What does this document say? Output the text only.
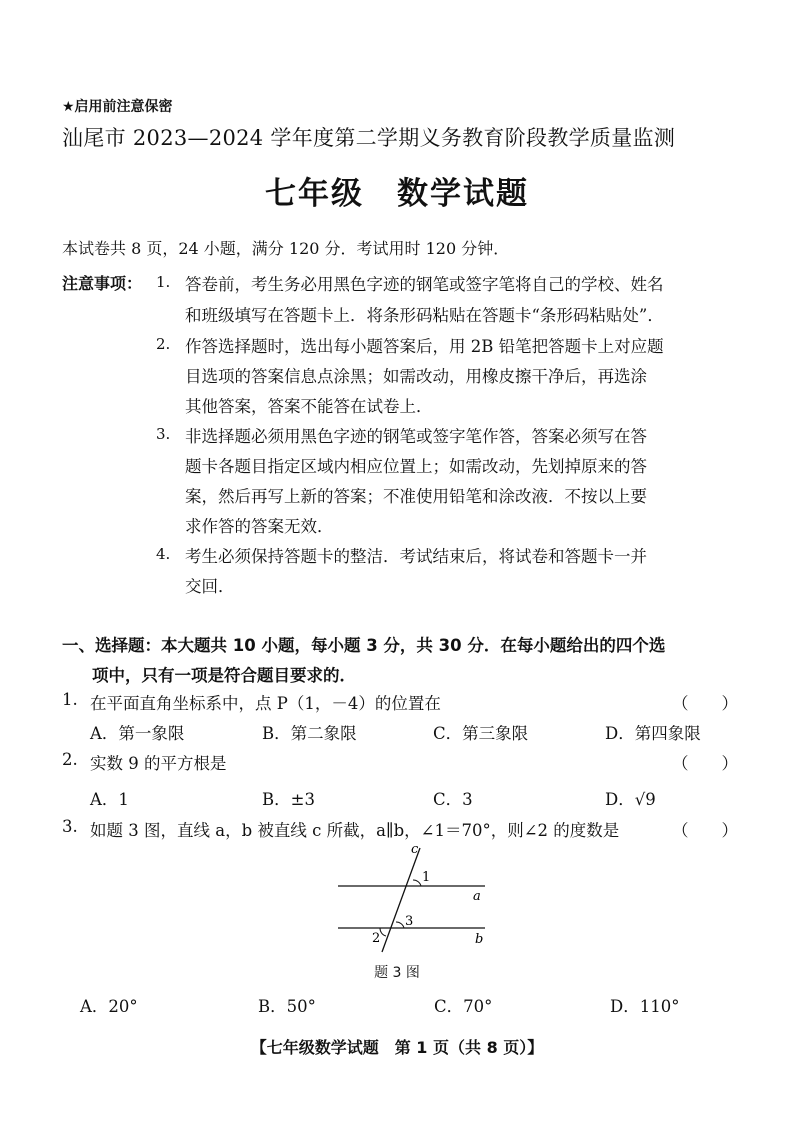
★启用前注意保密
汕尾市 2023—2024 学年度第二学期义务教育阶段教学质量监测
七年级　数学试题
本试卷共 8 页，24 小题，满分 120 分．考试用时 120 分钟．
注意事项： 1. 答卷前，考生务必用黑色字迹的钢笔或签字笔将自己的学校、姓名
和班级填写在答题卡上．将条形码粘贴在答题卡“条形码粘贴处”．
2. 作答选择题时，选出每小题答案后，用 2B 铅笔把答题卡上对应题
目选项的答案信息点涂黑；如需改动，用橡皮擦干净后，再选涂
其他答案，答案不能答在试卷上．
3. 非选择题必须用黑色字迹的钢笔或签字笔作答，答案必须写在答
题卡各题目指定区域内相应位置上；如需改动，先划掉原来的答
案，然后再写上新的答案；不准使用铅笔和涂改液．不按以上要
求作答的答案无效．
4. 考生必须保持答题卡的整洁．考试结束后，将试卷和答题卡一并
交回．
一、选择题：本大题共 10 小题，每小题 3 分，共 30 分．在每小题给出的四个选
项中，只有一项是符合题目要求的．
1. 在平面直角坐标系中，点 P（1，－4）的位置在	（　　）
A．第一象限	B．第二象限	C．第三象限	D．第四象限
2. 实数 9 的平方根是	（　　）
A．1	B．±3	C．3	D．√9
3. 如题 3 图，直线 a，b 被直线 c 所截，a∥b，∠1＝70°，则∠2 的度数是	（　　）
c
1
a
3
2	b
题 3 图
A．20°	B．50°	C．70°	D．110°
【七年级数学试题　第 1 页（共 8 页）】
